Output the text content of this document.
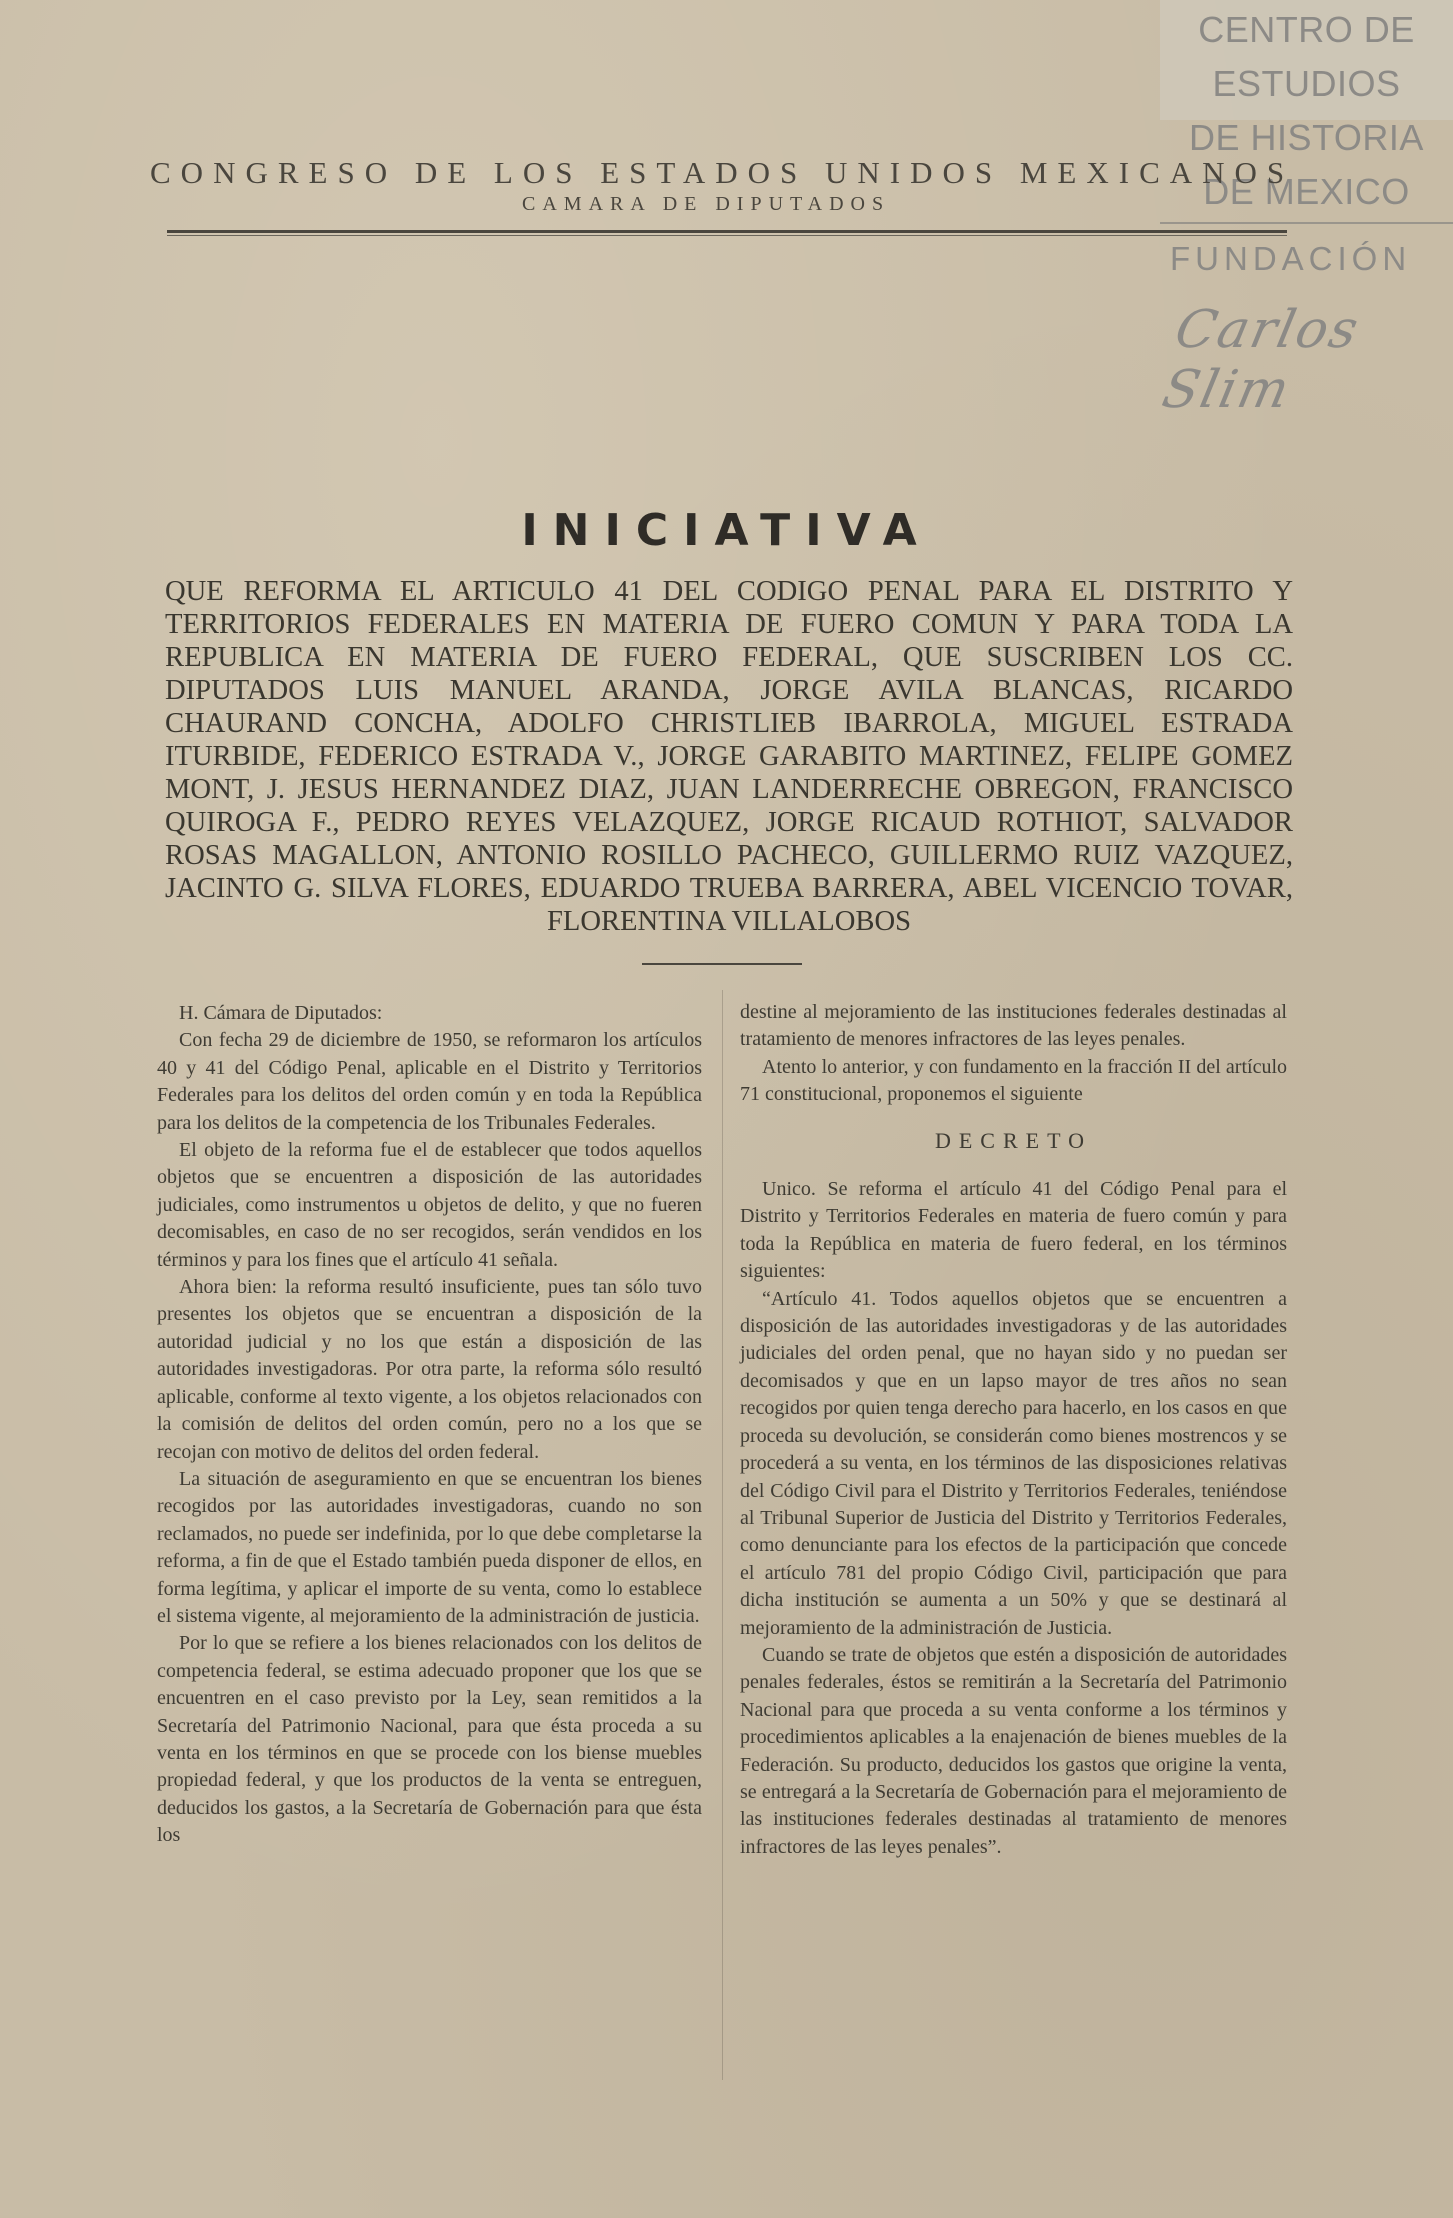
CENTRO DE
ESTUDIOS
DE HISTORIA
DE MEXICO
FUNDACIÓN
Carlos Slim
CONGRESO DE LOS ESTADOS UNIDOS MEXICANOS
CAMARA DE DIPUTADOS
INICIATIVA
QUE REFORMA EL ARTICULO 41 DEL CODIGO PENAL PARA EL DISTRITO Y TERRITORIOS FEDERALES EN MATERIA DE FUERO COMUN Y PARA TODA LA REPUBLICA EN MATERIA DE FUERO FEDERAL, QUE SUSCRIBEN LOS CC. DIPUTADOS LUIS MANUEL ARANDA, JORGE AVILA BLANCAS, RICARDO CHAURAND CONCHA, ADOLFO CHRISTLIEB IBARROLA, MIGUEL ESTRADA ITURBIDE, FEDERICO ESTRADA V., JORGE GARABITO MARTINEZ, FELIPE GOMEZ MONT, J. JESUS HERNANDEZ DIAZ, JUAN LANDERRECHE OBREGON, FRANCISCO QUIROGA F., PEDRO REYES VELAZQUEZ, JORGE RICAUD ROTHIOT, SALVADOR ROSAS MAGALLON, ANTONIO ROSILLO PACHECO, GUILLERMO RUIZ VAZQUEZ, JACINTO G. SILVA FLORES, EDUARDO TRUEBA BARRERA, ABEL VICENCIO TOVAR, FLORENTINA VILLALOBOS

H. Cámara de Diputados:

Con fecha 29 de diciembre de 1950, se reformaron los artículos 40 y 41 del Código Penal, aplicable en el Distrito y Territorios Federales para los delitos del orden común y en toda la República para los delitos de la competencia de los Tribunales Federales.

El objeto de la reforma fue el de establecer que todos aquellos objetos que se encuentren a disposición de las autoridades judiciales, como instrumentos u objetos de delito, y que no fueren decomisables, en caso de no ser recogidos, serán vendidos en los términos y para los fines que el artículo 41 señala.

Ahora bien: la reforma resultó insuficiente, pues tan sólo tuvo presentes los objetos que se encuentran a disposición de la autoridad judicial y no los que están a disposición de las autoridades investigadoras. Por otra parte, la reforma sólo resultó aplicable, conforme al texto vigente, a los objetos relacionados con la comisión de delitos del orden común, pero no a los que se recojan con motivo de delitos del orden federal.

La situación de aseguramiento en que se encuentran los bienes recogidos por las autoridades investigadoras, cuando no son reclamados, no puede ser indefinida, por lo que debe completarse la reforma, a fin de que el Estado también pueda disponer de ellos, en forma legítima, y aplicar el importe de su venta, como lo establece el sistema vigente, al mejoramiento de la administración de justicia.

Por lo que se refiere a los bienes relacionados con los delitos de competencia federal, se estima adecuado proponer que los que se encuentren en el caso previsto por la Ley, sean remitidos a la Secretaría del Patrimonio Nacional, para que ésta proceda a su venta en los términos en que se procede con los biense muebles propiedad federal, y que los productos de la venta se entreguen, deducidos los gastos, a la Secretaría de Gobernación para que ésta los

destine al mejoramiento de las instituciones federales destinadas al tratamiento de menores infractores de las leyes penales.

Atento lo anterior, y con fundamento en la fracción II del artículo 71 constitucional, proponemos el siguiente

DECRETO

Unico. Se reforma el artículo 41 del Código Penal para el Distrito y Territorios Federales en materia de fuero común y para toda la República en materia de fuero federal, en los términos siguientes:

“Artículo 41. Todos aquellos objetos que se encuentren a disposición de las autoridades investigadoras y de las autoridades judiciales del orden penal, que no hayan sido y no puedan ser decomisados y que en un lapso mayor de tres años no sean recogidos por quien tenga derecho para hacerlo, en los casos en que proceda su devolución, se considerán como bienes mostrencos y se procederá a su venta, en los términos de las disposiciones relativas del Código Civil para el Distrito y Territorios Federales, teniéndose al Tribunal Superior de Justicia del Distrito y Territorios Federales, como denunciante para los efectos de la participación que concede el artículo 781 del propio Código Civil, participación que para dicha institución se aumenta a un 50% y que se destinará al mejoramiento de la administración de Justicia.

Cuando se trate de objetos que estén a disposición de autoridades penales federales, éstos se remitirán a la Secretaría del Patrimonio Nacional para que proceda a su venta conforme a los términos y procedimientos aplicables a la enajenación de bienes muebles de la Federación. Su producto, deducidos los gastos que origine la venta, se entregará a la Secretaría de Gobernación para el mejoramiento de las instituciones federales destinadas al tratamiento de menores infractores de las leyes penales”.
